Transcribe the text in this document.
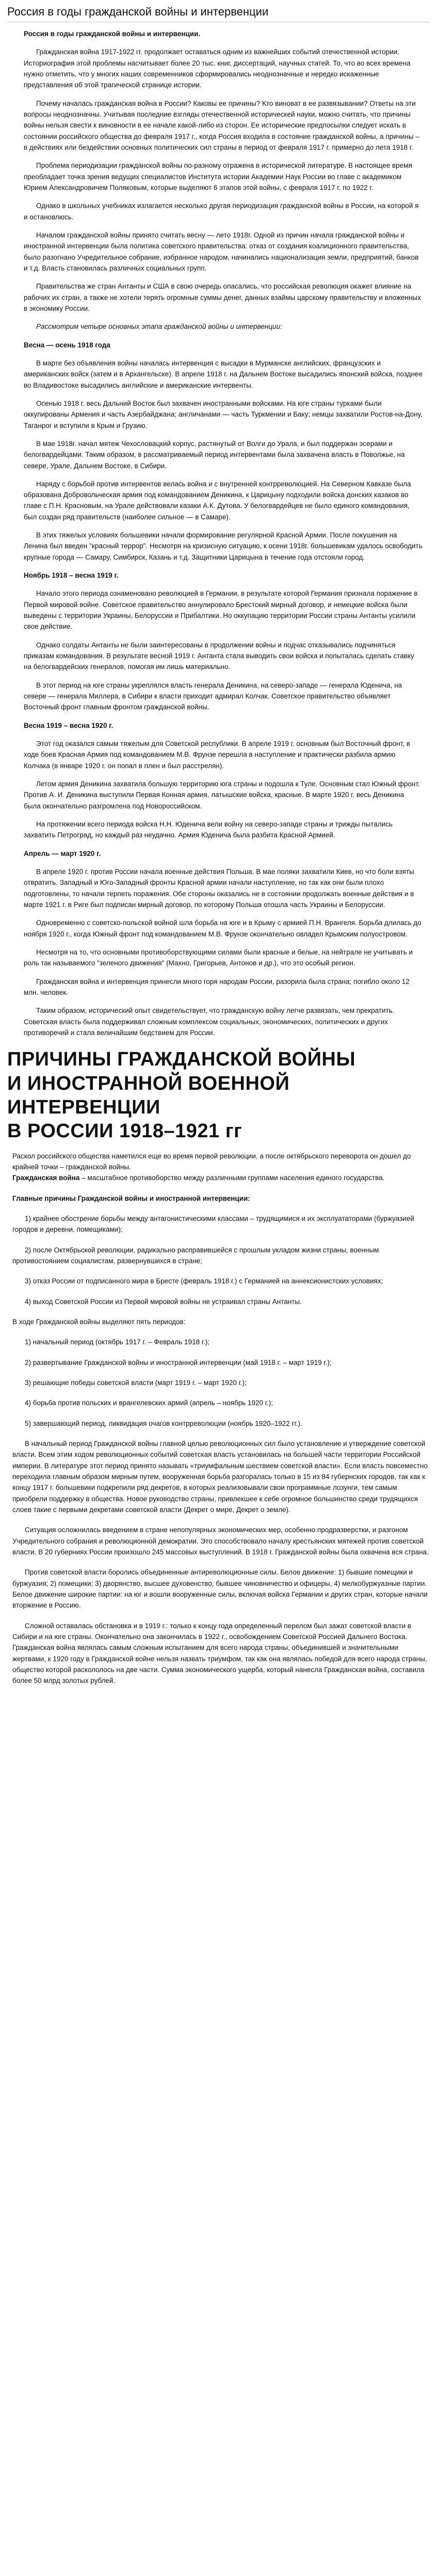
Россия в годы гражданской войны и интервенции

Россия в годы гражданской войны и интервенции.

Гражданская война 1917-1922 гг. продолжает оставаться одним из важнейших событий отечественной истории. Историография этой проблемы насчитывает более 20 тыс. книг, диссертаций, научных статей. То, что во всех времена нужно отметить, что у многих наших современников сформировались неоднозначные и нередко искаженные представления об этой трагической странице истории.

Почему началась гражданская война в России? Каковы ее причины? Кто виноват в ее развязывании? Ответы на эти вопросы неоднозначны. Учитывая последние взгляды отечественной историческей науки, можно считать, что причины войны нельзя свести к виновности в ее начале какой-либо из сторон. Ее исторические предпосылки следует искать в состоянии российского общества до февраля 1917 г., когда Россия входила в состояние гражданской войны, а причины – в действиях или бездействии основных политических сил страны в период от февраля 1917 г. примерно до лета 1918 г.

Проблема периодизации гражданской войны по-разному отражена в исторической литературе. В настоящее время преобладает точка зрения ведущих специалистов Института истории Академии Наук России во главе с академиком Юрием Александровичем Поляковым, которые выделяют 6 этапов этой войны, с февраля 1917 г. по 1922 г.

Однако в школьных учебниках излагается несколько другая периодизация гражданской войны в России, на которой я и остановлюсь.

Началом гражданской войны принято считать весну — лето 1918г. Одной из причин начала гражданской войны и иностранной интервенции была политика советского правительства: отказ от создания коалиционного правительства, было разогнано Учредительное собрание, избранное народом, начинались национализация земли, предприятий, банков и т.д. Власть становилась различных социальных групп.

Правительства же стран Антанты и США в свою очередь опасались, что российская революция окажет влияние на рабочих их стран, а также не хотели терять огромные суммы денег, данных взаймы царскому правительству и вложенных в экономику России.

Рассмотрим четыре основных этапа гражданской войны и интервенции:

Весна — осень 1918 года

В марте без объявления войны началась интервенция с высадки в Мурманске английских, французских и американских войск (затем и в Архангельске). В апреле 1918 г. на Дальнем Востоке высадились японский войска, позднее во Владивостоке высадились английские и американские интервенты.

Осенью 1918 г. весь Дальний Восток был захвачен иностранными войсками. На юге страны турками были оккупированы Армения и часть Азербайджана; англичанами — часть Туркмении и Баку; немцы захватили Ростов-на-Дону, Таганрог и вступили в Крым и Грузию.

В мае 1918г. начал мятеж Чехословацкий корпус, растянутый от Волги до Урала, и был поддержан эсерами и белогвардейцами. Таким образом, в рассматриваемый период интервентами была захвачена власть в Поволжье, на севере, Урале, Дальнем Востоке, в Сибири.

Наряду с борьбой против интервентов велась война и с внутренней контрреволюцией. На Северном Кавказе была образована Добровольческая армия под командованием Деникина, к Царицыну подходили войска донских казаков во главе с П.Н. Красновым, на Урале действовали казаки А.К. Дутова. У белогвардейцев не было единого командования, был создан ряд правительств (наиболее сильное — в Самаре).

В этих тяжелых условиях большевики начали формирование регулярной Красной Армии. После покушения на Ленина был введен "красный террор". Несмотря на кризисную ситуацию, к осени 1918г. большевикам удалось освободить крупные города — Самару, Симбирск, Казань и т.д. Защитники Царицына в течение года отстояли город.

Ноябрь 1918 – весна 1919 г.

Начало этого периода ознаменовано революцией в Германии, в результате которой Германия признала поражение в Первой мировой войне. Советское правительство аннулировало Брестский мирный договор, и немецкие войска были выведены с территории Украины, Белоруссии и Прибалтики. Но оккупацию территории России страны Антанты усилили свое действие.

Однако солдаты Антанты не были заинтересованы в продолжении войны и подчас отказывались подчиняться приказам командования. В результате весной 1919 г. Антанта стала выводить свои войска и попыталась сделать ставку на белогвардейских генералов, помогая им лишь материально.

В этот период на юге страны укреплялся власть генерала Деникина, на северо-западе — генерала Юденича, на севере — генерала Миллера, в Сибири к власти приходит адмирал Колчак. Советское правительство объявляет Восточный фронт главным фронтом гражданской войны.

Весна 1919 – весна 1920 г.

Этот год оказался самым тяжелым для Советской республики. В апреле 1919 г. основным был Восточный фронт, в ходе боев Красная Армия под командованием М.В. Фрунзе перешла в наступление и практически разбила армию Колчака (в январе 1920 г. он попал в плен и был расстрелян).

Летом армия Деникина захватила большую территорию юга страны и подошла к Туле. Основным стал Южный фронт. Против А. И. Деникина выступили Первая Конная армия, латышские войска, красные. В марте 1920 г. весь Деникина была окончательно разгромлена под Новороссийском.

На протяжении всего периода войска Н.Н. Юденича вели войну на северо-западе страны и трижды пытались захватить Петроград, но каждый раз неудачно. Армия Юденича была разбита Красной Армией.

Апрель — март 1920 г.

В апреле 1920 г. против России начала военные действия Польша. В мае поляки захватили Киев, но что боли взяты отвратить. Западный и Юго-Западный фронты Красной армии начали наступление, но так как они были плохо подготовлены, то начали терпеть поражения. Обе стороны оказались не в состоянии продолжать военные действия и в марте 1921 г. в Риге был подписан мирный договор, по которому Польша отошла часть Украины и Белоруссии.

Одновременно с советско-польской войной шла борьба на юге и в Крыму с армией П.Н. Врангеля. Борьба длилась до ноября 1920 г., когда Южный фронт под командованием М.В. Фрунзе окончательно овладел Крымским полуостровом.

Несмотря на то, что основными противоборствующими силами были красные и белые, на нейтрале не учитывать и роль так называемого "зеленого движения" (Махно, Григорьев, Антонов и др.), что это особый регион.

Гражданская война и интервенция принесли много горя народам России, разорила была страна; погибло около 12 млн. человек.

Таким образом, исторический опыт свидетельствует, что гражданскую войну легче развязать, чем прекратить. Советская власть была поддерживал сложным комплексом социальных, экономических, политических и других противоречий и стала величайшим бедствием для России.

ПРИЧИНЫ ГРАЖДАНСКОЙ ВОЙНЫ
И ИНОСТРАННОЙ ВОЕННОЙ ИНТЕРВЕНЦИИ
В РОССИИ 1918–1921 гг

Раскол российского общества наметился еще во время первой революции, а после октябрьского переворота он дошел до крайней точки – гражданской войны.
Гражданская война – масштабное противоборство между различными группами населения единого государства.

Главные причины Гражданской войны и иностранной интервенции:

1) крайнее обострение борьбы между антагонистическими классами – трудящимися и их эксплуататорами (буржуазией городов и деревни, помещиками);

2) после Октябрьской революции, радикально расправившейся с прошлым укладом жизни страны, военным противостоянием социалистам, развернувшихся в стране;

3) отказ России от подписанного мира в Бресте (февраль 1918 г.) с Германией на аннексионистских условиях;

4) выход Советской России из Первой мировой войны не устраивал страны Антанты.

В ходе Гражданской войны выделяют пять периодов:

1) начальный период (октябрь 1917 г. – Февраль 1918 г.);

2) развертывание Гражданской войны и иностранной интервенции (май 1918 г. – март 1919 г.);

3) решающие победы советской власти (март 1919 г. – март 1920 г.);

4) борьба против польских и врангелевских армий (апрель – ноябрь 1920 г.);

5) завершающий период, ликвидация очагов контрреволюции (ноябрь 1920–1922 гг.).

В начальный период Гражданской войны главной целью революционных сил было установление и утверждение советской власти. Всем этим ходом революционных событий советская власть установилась на большей части территории Российской империи. В литературе этот период принято называть «триумфальным шествием советской власти». Если власть повсеместно переходила главным образом мирным путем, вооруженная борьба разгоралась только в 15 из 84 губернских городов, так как к концу 1917 г. большевики подкрепили ряд декретов, в которых реализовывали свои программные лозунги, тем самым приобрели поддержку в общества. Новое руководство страны, привлекшее к себе огромное большинство среди трудящихся слоев такие с первыми декретами советской власти (Декрет о мире, Декрет о земле).

Ситуация осложнилась введением в стране непопулярных экономических мер, особенно продразверстки, и разгоном Учредительного собрания и революционной демократии. Это способствовало началу крестьянских мятежей против советской власти. В 20 губерниях России произошло 245 массовых выступлений. В 1918 г. Гражданской войны была охвачена вся страна.

Против советской власти боролись объединенные антиреволюционные силы. Белое движение: 1) бывшие помещики и буржуазия; 2) помещики; 3) дворянство, высшее духовенство, бывшее чиновничество и офицеры, 4) мелкобуржуазные партии. Белое движение широкие партии: на юг и вошли вооруженные силы, включая войска Германии и других стран, которые начали вторжение в Россию.

Сложной оставалась обстановка и в 1919 г.: только к концу года определенный перелом был зажат советской власти в Сибири и на юге страны. Окончательно она закончилась в 1922 г., освобождением Советской Россией Дальнего Востока. Гражданская война являлась самым сложным испытанием для всего народа страны, объединившей и значительными жертвами, к 1920 году в Гражданской войне нельзя назвать триумфом, так как она являлась победой для всего народа страны, общество которой раскололось на две части. Сумма экономического ущерба, который нанесла Гражданская война, составила более 50 млрд золотых рублей.
